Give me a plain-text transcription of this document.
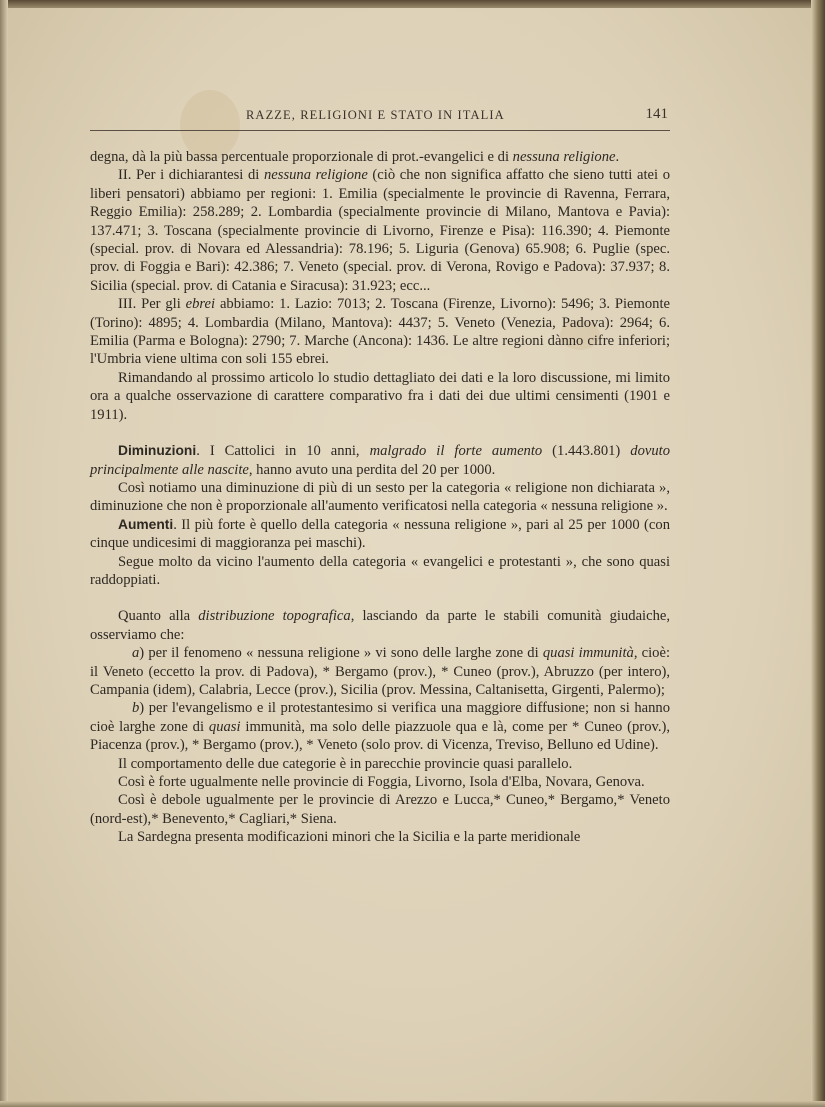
RAZZE, RELIGIONI E STATO IN ITALIA	141

degna, dà la più bassa percentuale proporzionale di prot.-evangelici e di nessuna religione.

II. Per i dichiarantesi di nessuna religione (ciò che non significa affatto che sieno tutti atei o liberi pensatori) abbiamo per regioni: 1. Emilia (specialmente le provincie di Ravenna, Ferrara, Reggio Emilia): 258.289; 2. Lombardia (specialmente provincie di Milano, Mantova e Pavia): 137.471; 3. Toscana (specialmente provincie di Livorno, Firenze e Pisa): 116.390; 4. Piemonte (special. prov. di Novara ed Alessandria): 78.196; 5. Liguria (Genova) 65.908; 6. Puglie (spec. prov. di Foggia e Bari): 42.386; 7. Veneto (special. prov. di Verona, Rovigo e Padova): 37.937; 8. Sicilia (special. prov. di Catania e Siracusa): 31.923; ecc...

III. Per gli ebrei abbiamo: 1. Lazio: 7013; 2. Toscana (Firenze, Livorno): 5496; 3. Piemonte (Torino): 4895; 4. Lombardia (Milano, Mantova): 4437; 5. Veneto (Venezia, Padova): 2964; 6. Emilia (Parma e Bologna): 2790; 7. Marche (Ancona): 1436. Le altre regioni dànno cifre inferiori; l'Umbria viene ultima con soli 155 ebrei.

Rimandando al prossimo articolo lo studio dettagliato dei dati e la loro discussione, mi limito ora a qualche osservazione di carattere comparativo fra i dati dei due ultimi censimenti (1901 e 1911).

Diminuzioni. I Cattolici in 10 anni, malgrado il forte aumento (1.443.801) dovuto principalmente alle nascite, hanno avuto una perdita del 20 per 1000.

Così notiamo una diminuzione di più di un sesto per la categoria « religione non dichiarata », diminuzione che non è proporzionale all'aumento verificatosi nella categoria « nessuna religione ».

Aumenti. Il più forte è quello della categoria « nessuna religione », pari al 25 per 1000 (con cinque undicesimi di maggioranza pei maschi).

Segue molto da vicino l'aumento della categoria « evangelici e protestanti », che sono quasi raddoppiati.

Quanto alla distribuzione topografica, lasciando da parte le stabili comunità giudaiche, osserviamo che:

a) per il fenomeno « nessuna religione » vi sono delle larghe zone di quasi immunità, cioè: il Veneto (eccetto la prov. di Padova), * Bergamo (prov.), * Cuneo (prov.), Abruzzo (per intero), Campania (idem), Calabria, Lecce (prov.), Sicilia (prov. Messina, Caltanisetta, Girgenti, Palermo);

b) per l'evangelismo e il protestantesimo si verifica una maggiore diffusione; non si hanno cioè larghe zone di quasi immunità, ma solo delle piazzuole qua e là, come per * Cuneo (prov.), Piacenza (prov.), * Bergamo (prov.), * Veneto (solo prov. di Vicenza, Treviso, Belluno ed Udine).

Il comportamento delle due categorie è in parecchie provincie quasi parallelo.

Così è forte ugualmente nelle provincie di Foggia, Livorno, Isola d'Elba, Novara, Genova.

Così è debole ugualmente per le provincie di Arezzo e Lucca,* Cuneo,* Bergamo,* Veneto (nord-est),* Benevento,* Cagliari,* Siena.

La Sardegna presenta modificazioni minori che la Sicilia e la parte meridionale
